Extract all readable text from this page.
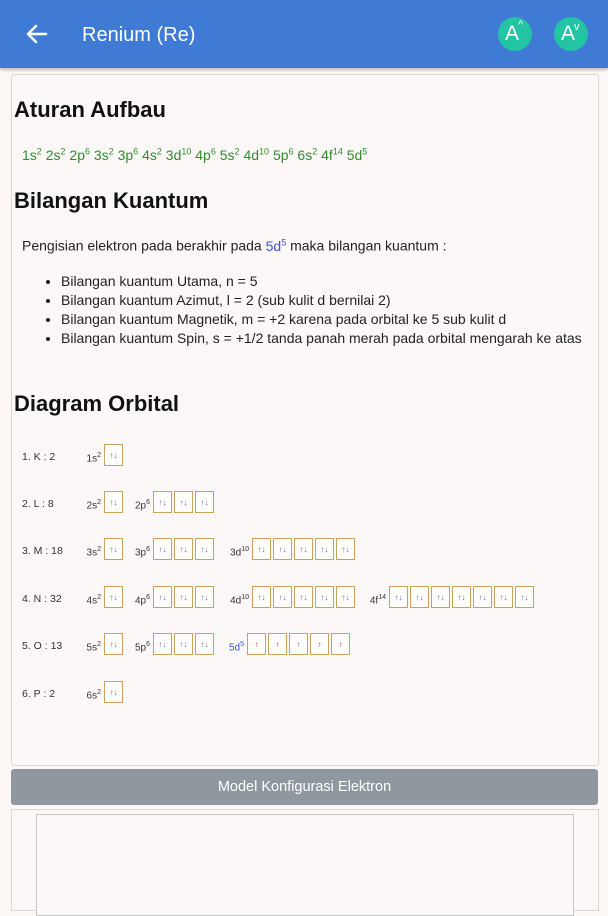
Renium (Re)	A
^ A
v
Aturan Aufbau
$1s^2$ $2s^2$ $2p^6$ $3s^2$ $3p^6$ $4s^2$ $3d^{10}$ $4p^6$ $5s^2$ $4d^{10}$ $5p^6$ $6s^2$ $4f^{14}$ $5d^5$
Bilangan Kuantum
Pengisian elektron pada berakhir pada $5d^5$ maka bilangan kuantum :
• Bilangan kuantum Utama, n = 5
• Bilangan kuantum Azimut, l = 2 (sub kulit d bernilai 2)
• Bilangan kuantum Magnetik, m = +2 karena pada orbital ke 5 sub kulit d
• Bilangan kuantum Spin, s = +1/2 tanda panah merah pada orbital mengarah ke atas
Diagram Orbital
1. K : 2	$1s^2$	↑↓
2. L : 8	$2s^2$	↑↓	$2p^6$	↑↓	↑↓	↑↓
3. M : 18 $3s^2$	↑↓	$3p^6$	↑↓	↑↓	↑↓	$3d^{10}$	↑↓	↑↓	↑↓	↑↓	↑↓
4. N : 32 $4s^2$	↑↓	$4p^6$	↑↓	↑↓	↑↓	$4d^{10}$	↑↓	↑↓	↑↓	↑↓	↑↓	$4f^{14}$	↑↓	↑↓	↑↓	↑↓	↑↓	↑↓	↑↓
5. O : 13 $5s^2$	↑↓	$5p^6$	↑↓	↑↓	↑↓	$5d^5$	↑	↑	↑	↑	↑
6. P : 2	$6s^2$	↑↓
Model Konfigurasi Elektron
